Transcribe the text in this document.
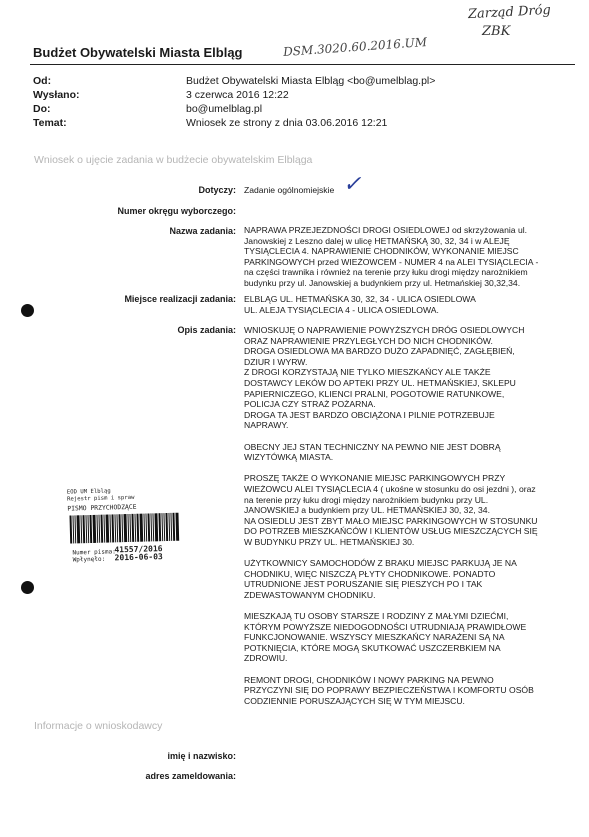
Zarząd Dróg
ZBK
DSM.3020.60.2016.UM
Budżet Obywatelski Miasta Elbląg
Od:	Budżet Obywatelski Miasta Elbląg <bo@umelblag.pl>
Wysłano:	3 czerwca 2016 12:22
Do:	bo@umelblag.pl
Temat:	Wniosek ze strony z dnia 03.06.2016 12:21
Wniosek o ujęcie zadania w budżecie obywatelskim Elbląga
Dotyczy: Zadanie ogólnomiejskie ✓
Numer okręgu wyborczego:
Nazwa zadania: NAPRAWA PRZEJEZDNOŚCI DROGI OSIEDLOWEJ od skrzyżowania ul.
Janowskiej z Leszno dalej w ulicę HETMAŃSKĄ 30, 32, 34 i w ALEJĘ
TYSIĄCLECIA 4. NAPRAWIENIE CHODNIKÓW, WYKONANIE MIEJSC
PARKINGOWYCH przed WIEŻOWCEM - NUMER 4 na ALEI TYSIĄCLECIA -
na części trawnika i również na terenie przy łuku drogi między narożnikiem
budynku przy ul. Janowskiej a budynkiem przy ul. Hetmańskiej 30,32,34.

Miejsce realizacji zadania: ELBLĄG UL. HETMAŃSKA 30, 32, 34 - ULICA OSIEDLOWA
UL. ALEJA TYSIĄCLECIA 4 - ULICA OSIEDLOWA.

Opis zadania: WNIOSKUJĘ O NAPRAWIENIE POWYŻSZYCH DRÓG OSIEDLOWYCH
ORAZ NAPRAWIENIE PRZYLEGŁYCH DO NICH CHODNIKÓW.
DROGA OSIEDLOWA MA BARDZO DUŻO ZAPADNIĘĆ, ZAGŁĘBIEŃ,
DZIUR I WYRW.
Z DROGI KORZYSTAJĄ NIE TYLKO MIESZKAŃCY ALE TAKŻE
DOSTAWCY LEKÓW DO APTEKI PRZY UL. HETMAŃSKIEJ, SKLEPU
PAPIERNICZEGO, KLIENCI PRALNI, POGOTOWIE RATUNKOWE,
POLICJA CZY STRAŻ POŻARNA.
DROGA TA JEST BARDZO OBCIĄŻONA I PILNIE POTRZEBUJE
NAPRAWY.

OBECNY JEJ STAN TECHNICZNY NA PEWNO NIE JEST DOBRĄ
WIZYTÓWKĄ MIASTA.

PROSZĘ TAKŻE O WYKONANIE MIEJSC PARKINGOWYCH PRZY
WIEŻOWCU ALEI TYSIĄCLECIA 4 ( ukośne w stosunku do osi jezdni ), oraz
na terenie przy łuku drogi między narożnikiem budynku przy UL.
JANOWSKIEJ a budynkiem przy UL. HETMAŃSKIEJ 30, 32, 34.
NA OSIEDLU JEST ZBYT MAŁO MIEJSC PARKINGOWYCH W STOSUNKU
DO POTRZEB MIESZKAŃCÓW I KLIENTÓW USŁUG MIESZCZĄCYCH SIĘ
W BUDYNKU PRZY UL. HETMAŃSKIEJ 30.

UŻYTKOWNICY SAMOCHODÓW Z BRAKU MIEJSC PARKUJĄ JE NA
CHODNIKU, WIĘC NISZCZĄ PŁYTY CHODNIKOWE. PONADTO
UTRUDNIONE JEST PORUSZANIE SIĘ PIESZYCH PO I TAK
ZDEWASTOWANYM CHODNIKU.

MIESZKAJĄ TU OSOBY STARSZE I RODZINY Z MAŁYMI DZIEĆMI,
KTÓRYM POWYŻSZE NIEDOGODNOŚCI UTRUDNIAJĄ PRAWIDŁOWE
FUNKCJONOWANIE. WSZYSCY MIESZKAŃCY NARAŻENI SĄ NA
POTKNIĘCIA, KTÓRE MOGĄ SKUTKOWAĆ USZCZERBKIEM NA
ZDROWIU.

REMONT DROGI, CHODNIKÓW I NOWY PARKING NA PEWNO
PRZYCZYNI SIĘ DO POPRAWY BEZPIECZEŃSTWA I KOMFORTU OSÓB
CODZIENNIE PORUSZAJĄCYCH SIĘ W TYM MIEJSCU.

EOD UM Elbląg
Rejestr pism i spraw
PISMO PRZYCHODZĄCE
Numer pisma:
Wpłynęło:
41557/2016
2016-06-03
Informacje o wnioskodawcy
imię i nazwisko:
adres zameldowania:
